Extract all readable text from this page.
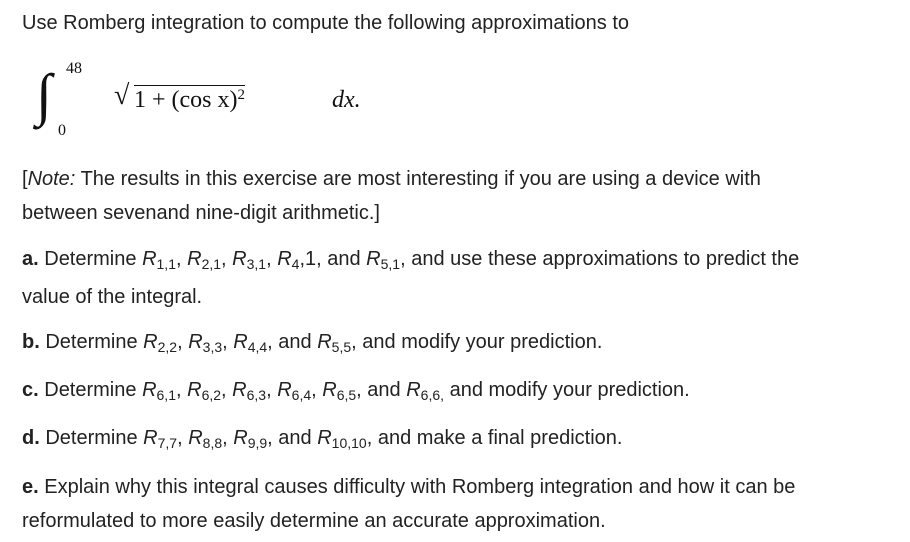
Use Romberg integration to compute the following approximations to
∫ 48
0
√ 1 + (cos x)$^2$	dx.
[Note: The results in this exercise are most interesting if you are using a device with
between sevenand nine-digit arithmetic.]
a. Determine $R_{1,1}$, $R_{2,1}$, $R_{3,1}$, $R_4,1$, and $R_{5,1}$, and use these approximations to predict the
value of the integral.
b. Determine $R_{2,2}$, $R_{3,3}$, $R_{4,4}$, and $R_{5,5}$, and modify your prediction.
c. Determine $R_{6,1}$, $R_{6,2}$, $R_{6,3}$, $R_{6,4}$, $R_{6,5}$, and $R_{6,6,}$ and modify your prediction.
d. Determine $R_{7,7}$, $R_{8,8}$, $R_{9,9}$, and $R_{10,10}$, and make a final prediction.
e. Explain why this integral causes difficulty with Romberg integration and how it can be
reformulated to more easily determine an accurate approximation.
